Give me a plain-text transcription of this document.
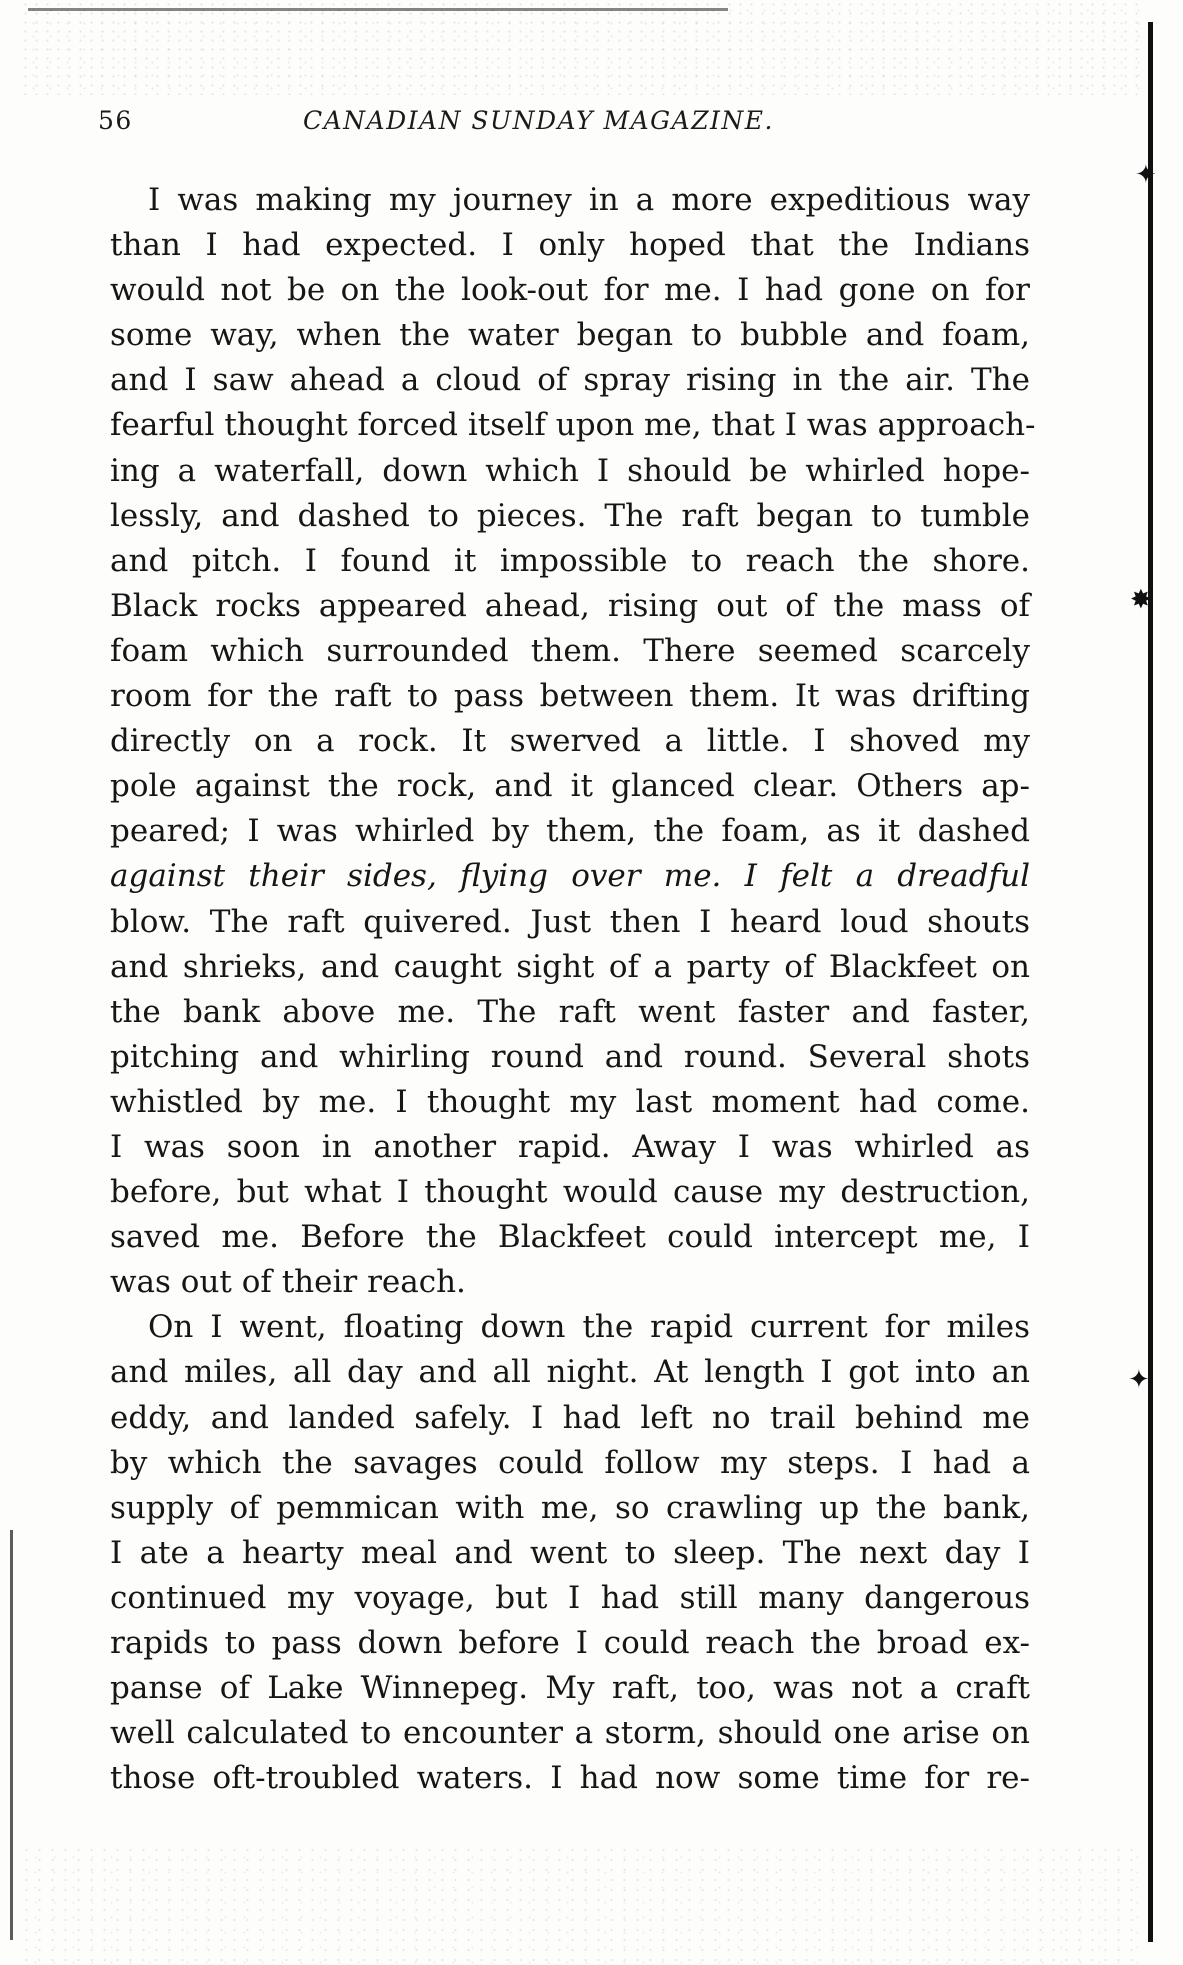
✦
✸
❘
✦
56	CANADIAN SUNDAY MAGAZINE.
I was making my journey in a more expeditious way
than I had expected. I only hoped that the Indians
would not be on the look-out for me. I had gone on for
some way, when the water began to bubble and foam,
and I saw ahead a cloud of spray rising in the air. The
fearful thought forced itself upon me, that I was approach-
ing a waterfall, down which I should be whirled hope-
lessly, and dashed to pieces. The raft began to tumble
and pitch. I found it impossible to reach the shore.
Black rocks appeared ahead, rising out of the mass of
foam which surrounded them. There seemed scarcely
room for the raft to pass between them. It was drifting
directly on a rock. It swerved a little. I shoved my
pole against the rock, and it glanced clear. Others ap-
peared; I was whirled by them, the foam, as it dashed
against their sides, flying over me. I felt a dreadful
blow. The raft quivered. Just then I heard loud shouts
and shrieks, and caught sight of a party of Blackfeet on
the bank above me. The raft went faster and faster,
pitching and whirling round and round. Several shots
whistled by me. I thought my last moment had come.
I was soon in another rapid. Away I was whirled as
before, but what I thought would cause my destruction,
saved me. Before the Blackfeet could intercept me, I
was out of their reach.
On I went, floating down the rapid current for miles
and miles, all day and all night. At length I got into an
eddy, and landed safely. I had left no trail behind me
by which the savages could follow my steps. I had a
supply of pemmican with me, so crawling up the bank,
I ate a hearty meal and went to sleep. The next day I
continued my voyage, but I had still many dangerous
rapids to pass down before I could reach the broad ex-
panse of Lake Winnepeg. My raft, too, was not a craft
well calculated to encounter a storm, should one arise on
those oft-troubled waters. I had now some time for re-
